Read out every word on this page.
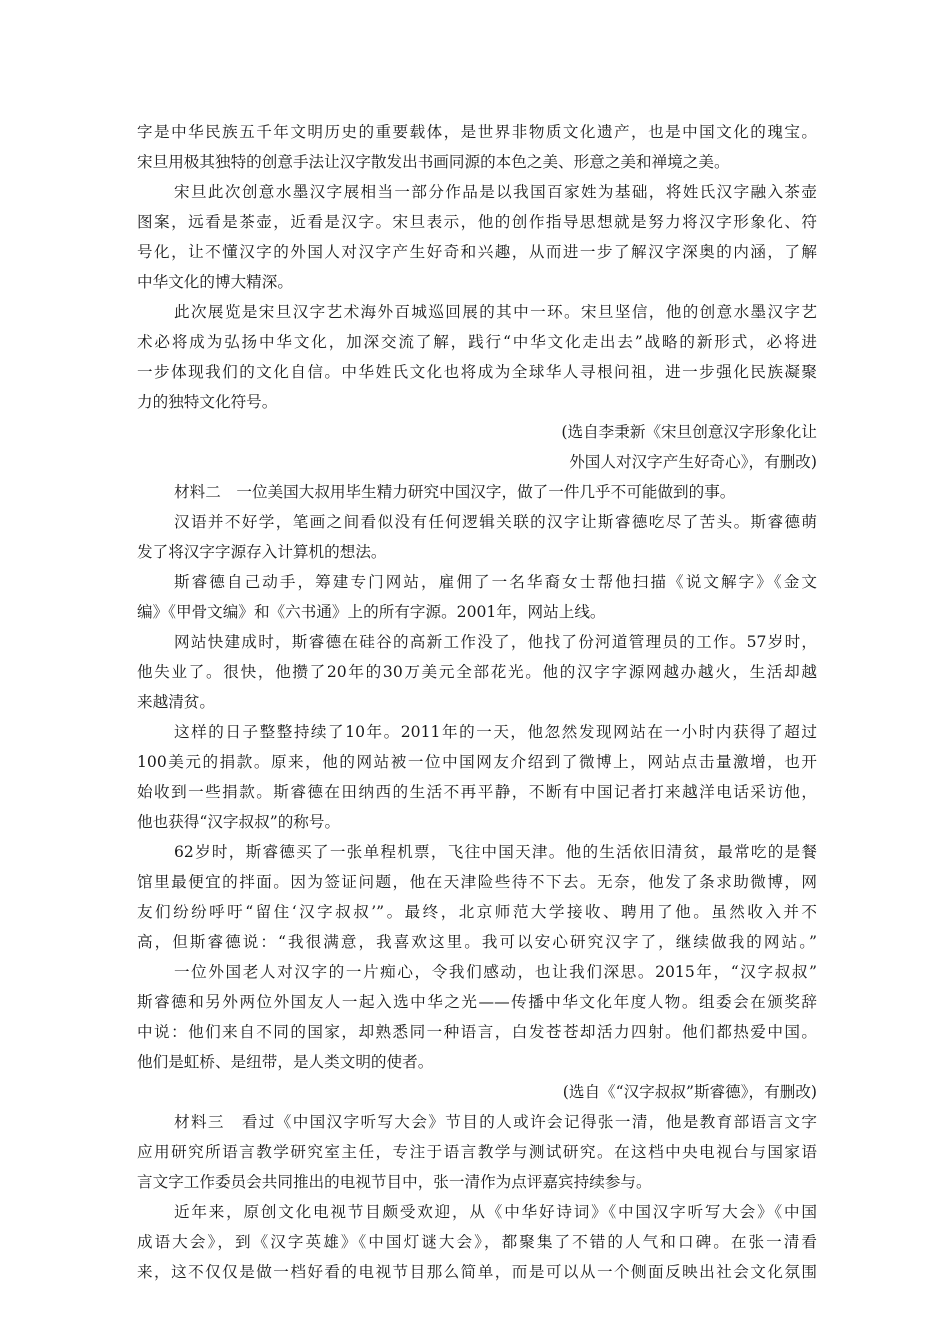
字是中华民族五千年文明历史的重要载体，是世界非物质文化遗产，也是中国文化的瑰宝。
宋旦用极其独特的创意手法让汉字散发出书画同源的本色之美、形意之美和禅境之美。
宋旦此次创意水墨汉字展相当一部分作品是以我国百家姓为基础，将姓氏汉字融入茶壶
图案，远看是茶壶，近看是汉字。宋旦表示，他的创作指导思想就是努力将汉字形象化、符
号化，让不懂汉字的外国人对汉字产生好奇和兴趣，从而进一步了解汉字深奥的内涵，了解
中华文化的博大精深。
此次展览是宋旦汉字艺术海外百城巡回展的其中一环。宋旦坚信，他的创意水墨汉字艺
术必将成为弘扬中华文化，加深交流了解，践行“中华文化走出去”战略的新形式，必将进
一步体现我们的文化自信。中华姓氏文化也将成为全球华人寻根问祖，进一步强化民族凝聚
力的独特文化符号。
(选自李秉新《宋旦创意汉字形象化让
外国人对汉字产生好奇心》，有删改)
材料二　一位美国大叔用毕生精力研究中国汉字，做了一件几乎不可能做到的事。
汉语并不好学，笔画之间看似没有任何逻辑关联的汉字让斯睿德吃尽了苦头。斯睿德萌
发了将汉字字源存入计算机的想法。
斯睿德自己动手，筹建专门网站，雇佣了一名华裔女士帮他扫描《说文解字》《金文
编》《甲骨文编》和《六书通》上的所有字源。2001年，网站上线。
网站快建成时，斯睿德在硅谷的高新工作没了，他找了份河道管理员的工作。57岁时，
他失业了。很快，他攒了20年的30万美元全部花光。他的汉字字源网越办越火，生活却越
来越清贫。
这样的日子整整持续了10年。2011年的一天，他忽然发现网站在一小时内获得了超过
100美元的捐款。原来，他的网站被一位中国网友介绍到了微博上，网站点击量激增，也开
始收到一些捐款。斯睿德在田纳西的生活不再平静，不断有中国记者打来越洋电话采访他，
他也获得“汉字叔叔”的称号。
62岁时，斯睿德买了一张单程机票，飞往中国天津。他的生活依旧清贫，最常吃的是餐
馆里最便宜的拌面。因为签证问题，他在天津险些待不下去。无奈，他发了条求助微博，网
友们纷纷呼吁“留住‘汉字叔叔’”。最终，北京师范大学接收、聘用了他。虽然收入并不
高，但斯睿德说：“我很满意，我喜欢这里。我可以安心研究汉字了，继续做我的网站。”
一位外国老人对汉字的一片痴心，令我们感动，也让我们深思。2015年，“汉字叔叔”
斯睿德和另外两位外国友人一起入选中华之光——传播中华文化年度人物。组委会在颁奖辞
中说：他们来自不同的国家，却熟悉同一种语言，白发苍苍却活力四射。他们都热爱中国。
他们是虹桥、是纽带，是人类文明的使者。
(选自《“汉字叔叔”斯睿德》，有删改)
材料三　看过《中国汉字听写大会》节目的人或许会记得张一清，他是教育部语言文字
应用研究所语言教学研究室主任，专注于语言教学与测试研究。在这档中央电视台与国家语
言文字工作委员会共同推出的电视节目中，张一清作为点评嘉宾持续参与。
近年来，原创文化电视节目颇受欢迎，从《中华好诗词》《中国汉字听写大会》《中国
成语大会》，到《汉字英雄》《中国灯谜大会》，都聚集了不错的人气和口碑。在张一清看
来，这不仅仅是做一档好看的电视节目那么简单，而是可以从一个侧面反映出社会文化氛围
